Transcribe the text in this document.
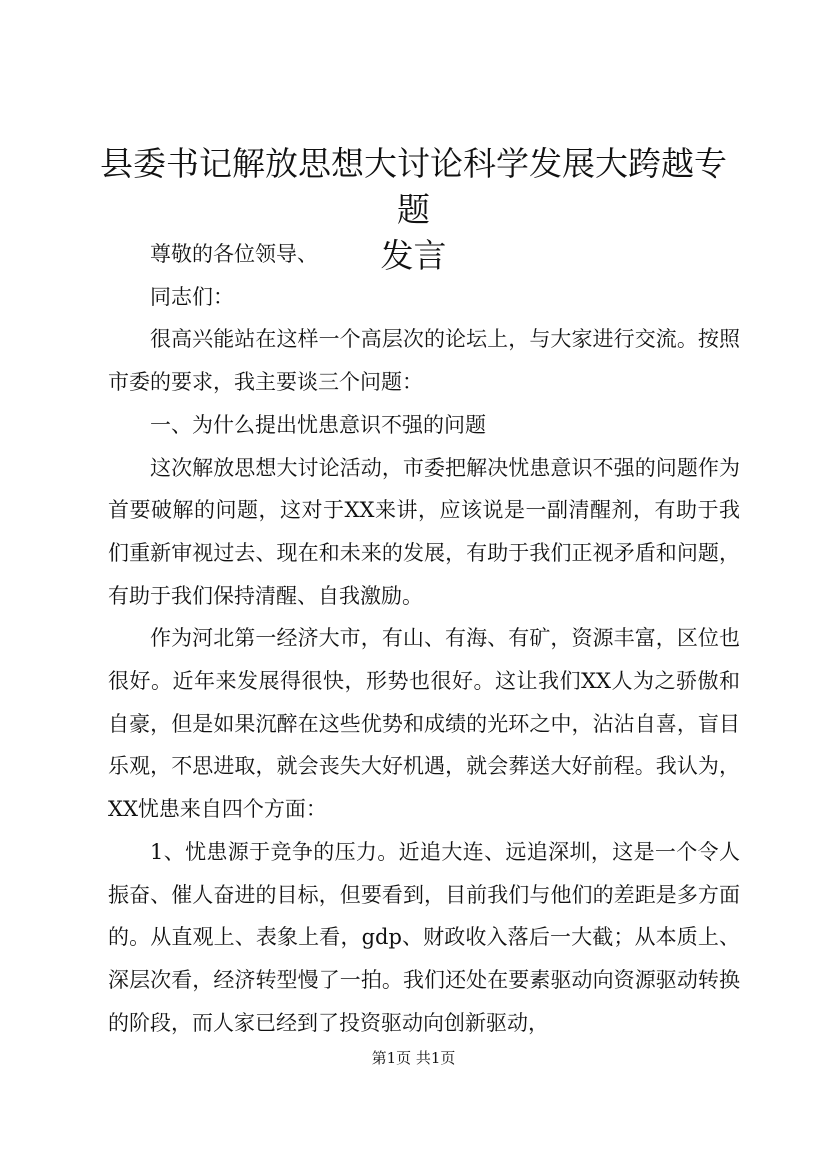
县委书记解放思想大讨论科学发展大跨越专题
发言

尊敬的各位领导、

同志们：

很高兴能站在这样一个高层次的论坛上，与大家进行交流。按照市委的要求，我主要谈三个问题：

一、为什么提出忧患意识不强的问题

这次解放思想大讨论活动，市委把解决忧患意识不强的问题作为首要破解的问题，这对于XX来讲，应该说是一副清醒剂，有助于我们重新审视过去、现在和未来的发展，有助于我们正视矛盾和问题，有助于我们保持清醒、自我激励。

作为河北第一经济大市，有山、有海、有矿，资源丰富，区位也很好。近年来发展得很快，形势也很好。这让我们XX人为之骄傲和自豪，但是如果沉醉在这些优势和成绩的光环之中，沾沾自喜，盲目乐观，不思进取，就会丧失大好机遇，就会葬送大好前程。我认为，XX忧患来自四个方面：

1、忧患源于竞争的压力。近追大连、远追深圳，这是一个令人振奋、催人奋进的目标，但要看到，目前我们与他们的差距是多方面的。从直观上、表象上看，gdp、财政收入落后一大截；从本质上、深层次看，经济转型慢了一拍。我们还处在要素驱动向资源驱动转换的阶段，而人家已经到了投资驱动向创新驱动，

第1页 共1页
